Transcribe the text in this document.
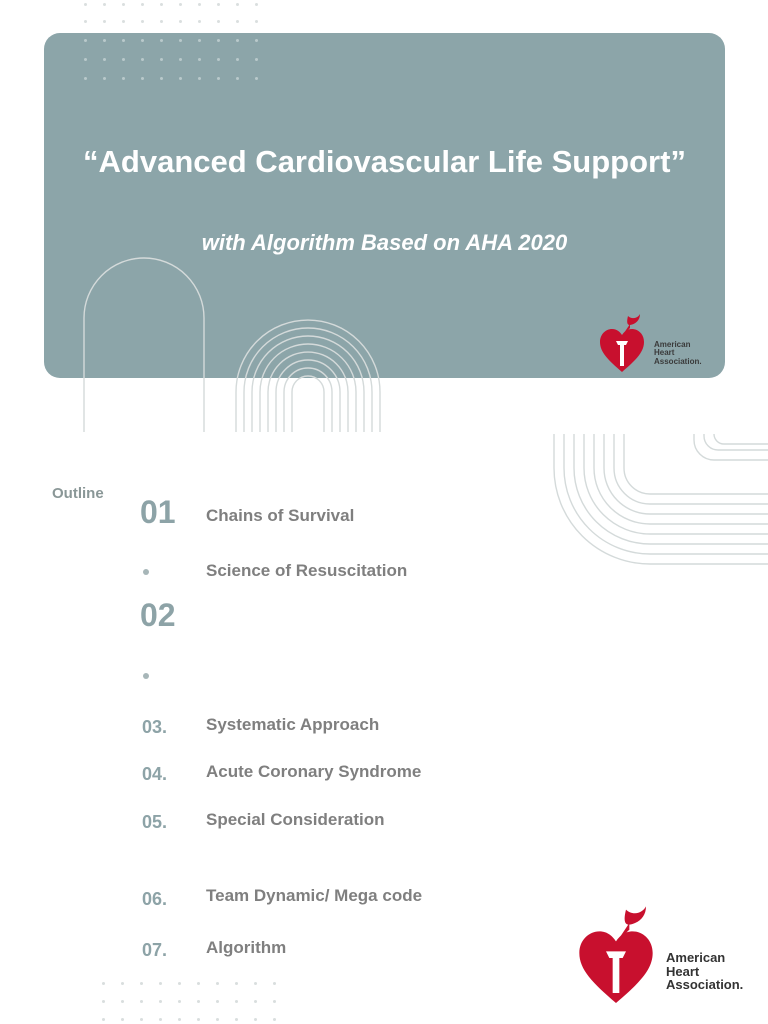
“Advanced Cardiovascular Life Support”
with Algorithm Based on AHA 2020
American
Heart
Association.
Outline
01 Chains of Survival
Science of Resuscitation
02
03. Systematic Approach
04. Acute Coronary Syndrome
05. Special Consideration
06. Team Dynamic/ Mega code
07. Algorithm
American
Heart
Association.
